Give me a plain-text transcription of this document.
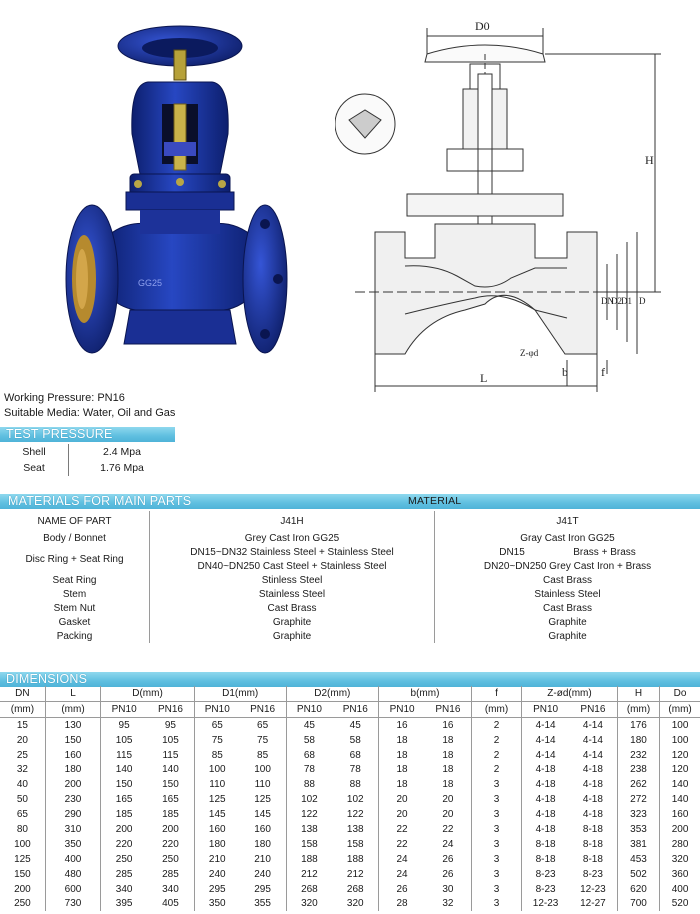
GG25
D0
H
DN
D2 D1 D
L	b	f
Z-φd
Working Pressure: PN16
Suitable Media: Water, Oil and Gas
TEST PRESSURE
Shell	2.4 Mpa
Seat	1.76 Mpa
MATERIALS FOR MAIN PARTS	MATERIAL
NAME OF PART	J41H	J41T
Body / Bonnet	Grey Cast Iron GG25	Gray Cast Iron GG25
Disc Ring + Seat Ring	DN15~DN32 Stainless Steel + Stainless Steel	DN15 Brass + Brass

	DN40~DN250 Cast Steel + Stainless Steel	DN20~DN250 Grey Cast Iron + Brass
Seat Ring	Stinless Steel	Cast Brass
Stem	Stainless Steel	Stainless Steel
Stem Nut	Cast Brass	Cast Brass
Gasket	Graphite	Graphite
Packing	Graphite	Graphite
DIMENSIONS
DN	L	D(mm)		D1(mm)		D2(mm)		b(mm)		f	Z-ød(mm)		H	Do
(mm)	(mm)	PN10	PN16	PN10	PN16	PN10	PN16	PN10	PN16	(mm)	PN10	PN16	(mm)	(mm)
15	130	95	95	65	65	45	45	16	16	2	4-14	4-14	176	100
20	150	105	105	75	75	58	58	18	18	2	4-14	4-14	180	100
25	160	115	115	85	85	68	68	18	18	2	4-14	4-14	232	120
32	180	140	140	100	100	78	78	18	18	2	4-18	4-18	238	120
40	200	150	150	110	110	88	88	18	18	3	4-18	4-18	262	140
50	230	165	165	125	125	102	102	20	20	3	4-18	4-18	272	140
65	290	185	185	145	145	122	122	20	20	3	4-18	4-18	323	160
80	310	200	200	160	160	138	138	22	22	3	4-18	8-18	353	200
100	350	220	220	180	180	158	158	22	24	3	8-18	8-18	381	280
125	400	250	250	210	210	188	188	24	26	3	8-18	8-18	453	320
150	480	285	285	240	240	212	212	24	26	3	8-23	8-23	502	360
200	600	340	340	295	295	268	268	26	30	3	8-23	12-23	620	400
250	730	395	405	350	355	320	320	28	32	3	12-23	12-27	700	520
